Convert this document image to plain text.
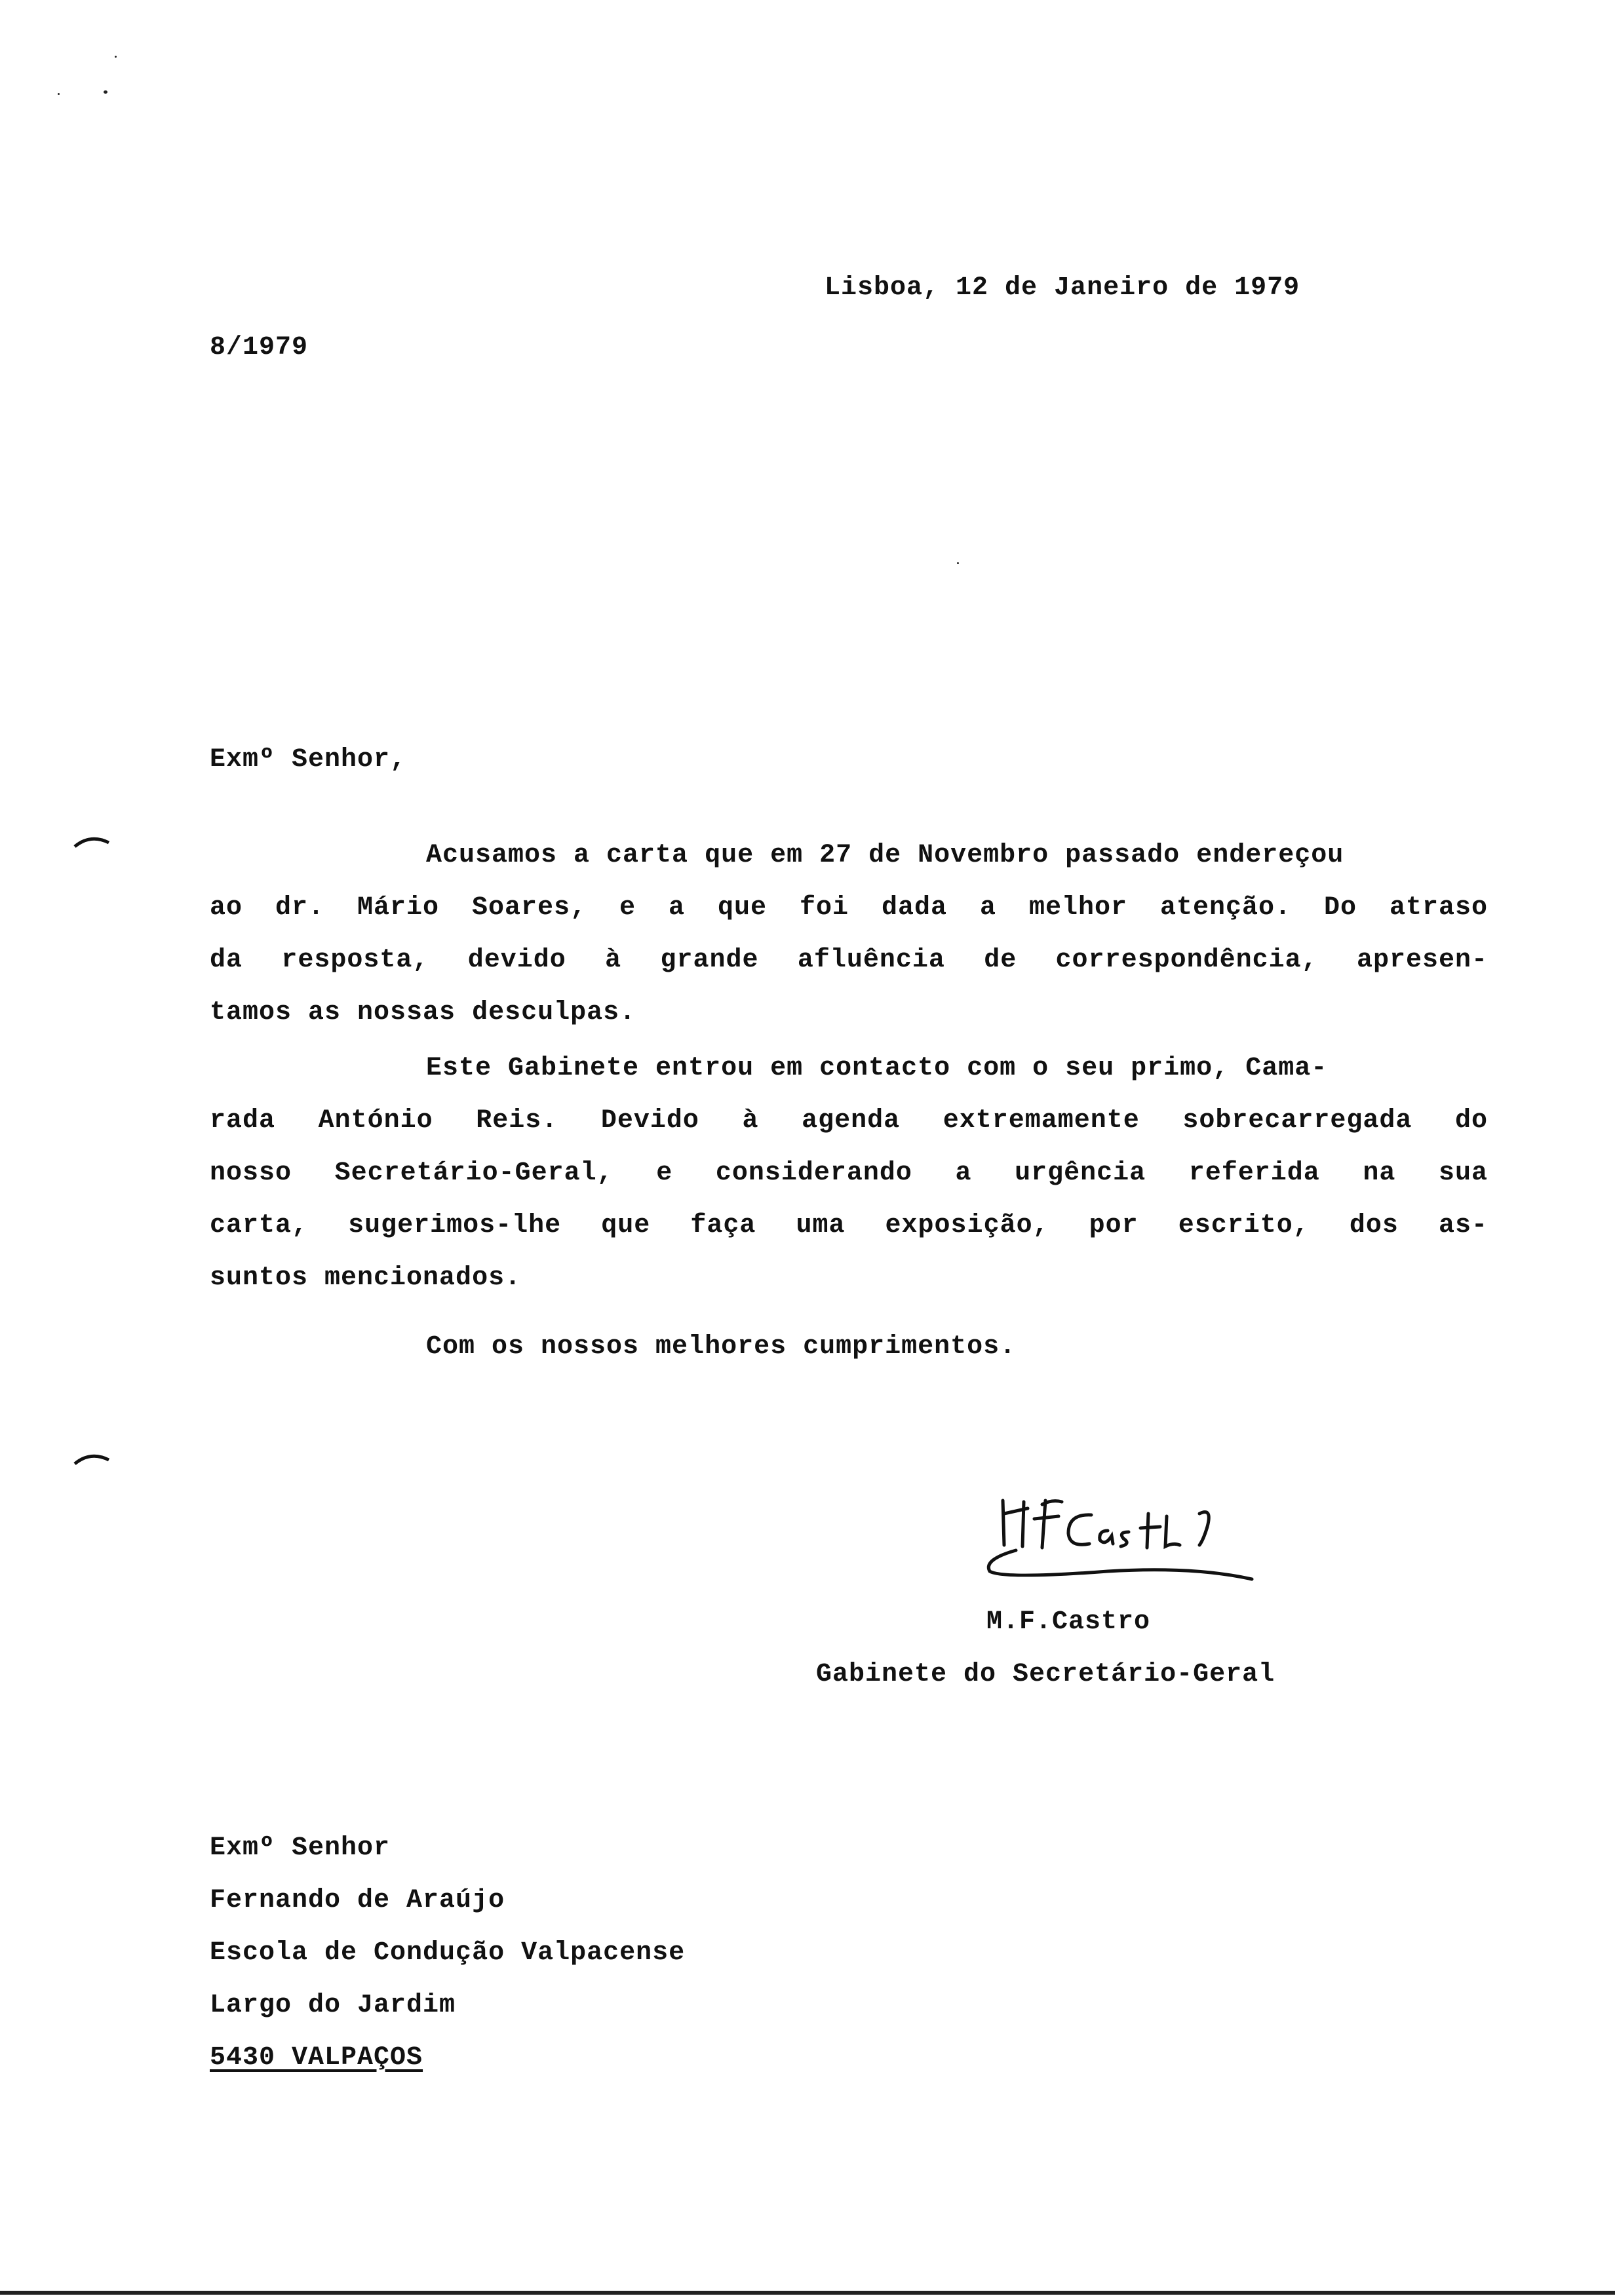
Lisboa, 12 de Janeiro de 1979
8/1979
Exmº Senhor,
Acusamos a carta que em 27 de Novembro passado endereçou
ao dr. Mário Soares, e a que foi dada a melhor atenção. Do atraso
da resposta, devido à grande afluência de correspondência, apresen-
tamos as nossas desculpas.
Este Gabinete entrou em contacto com o seu primo, Cama-
rada António Reis. Devido à agenda extremamente sobrecarregada do
nosso Secretário-Geral, e considerando a urgência referida na sua
carta, sugerimos-lhe que faça uma exposição, por escrito, dos as-
suntos mencionados.
Com os nossos melhores cumprimentos.
M.F.Castro
Gabinete do Secretário-Geral
Exmº Senhor
Fernando de Araújo
Escola de Condução Valpacense
Largo do Jardim
5430 VALPAÇOS
